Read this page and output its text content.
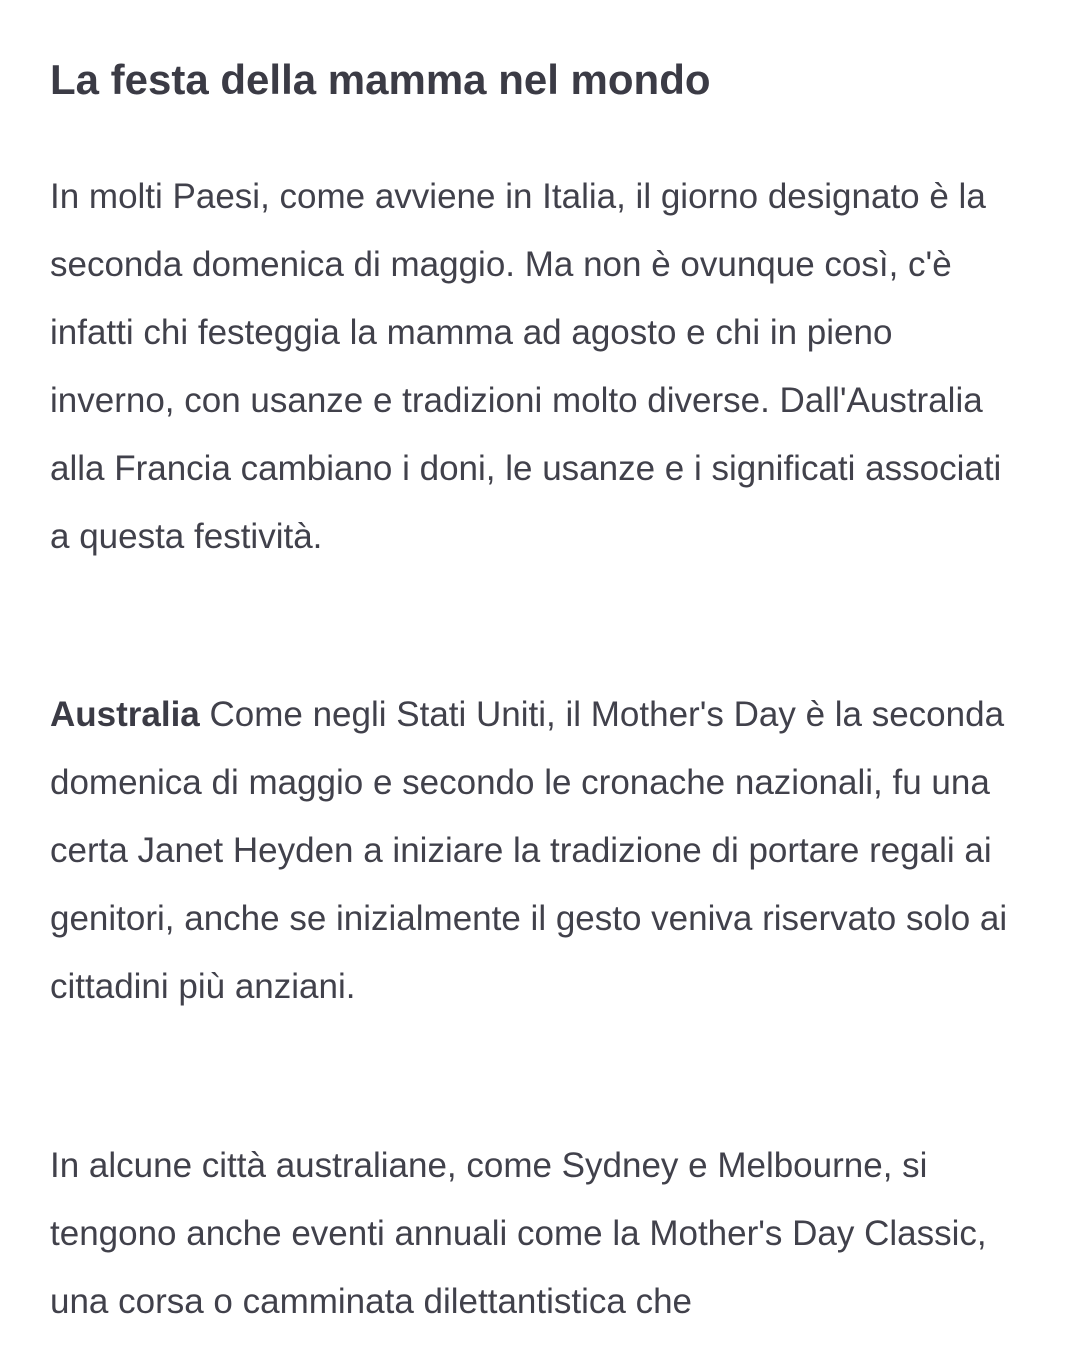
La festa della mamma nel mondo

In molti Paesi, come avviene in Italia, il giorno designato è la seconda domenica di maggio. Ma non è ovunque così, c'è infatti chi festeggia la mamma ad agosto e chi in pieno inverno, con usanze e tradizioni molto diverse. Dall'Australia alla Francia cambiano i doni, le usanze e i significati associati a questa festività.

Australia Come negli Stati Uniti, il Mother's Day è la seconda domenica di maggio e secondo le cronache nazionali, fu una certa Janet Heyden a iniziare la tradizione di portare regali ai genitori, anche se inizialmente il gesto veniva riservato solo ai cittadini più anziani.

In alcune città australiane, come Sydney e Melbourne, si tengono anche eventi annuali come la Mother's Day Classic, una corsa o camminata dilettantistica che
